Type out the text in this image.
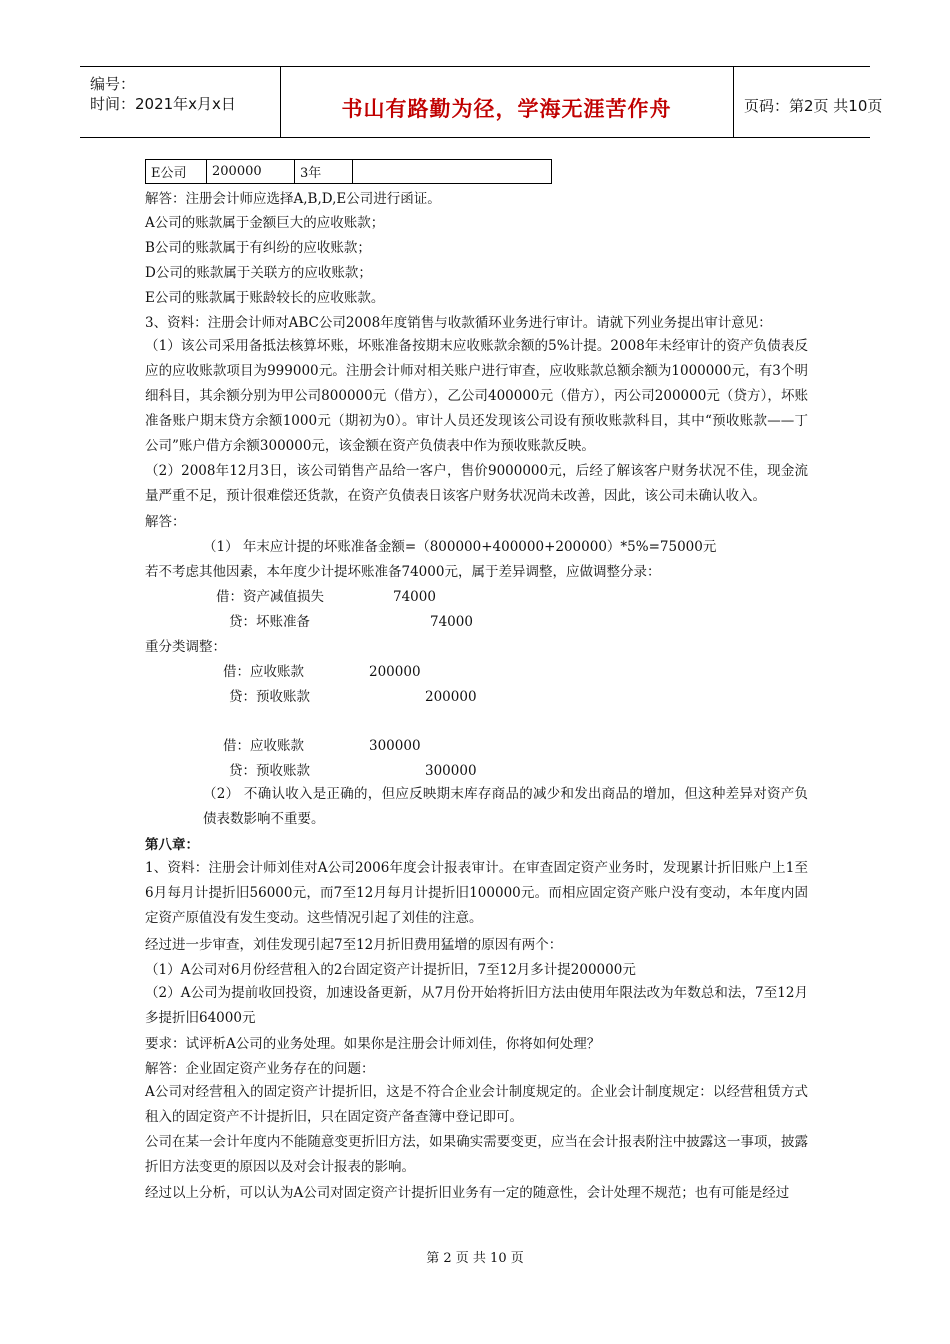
编号：
时间：2021年x月x日	书山有路勤为径，学海无涯苦作舟	页码：第2页 共10页
E公司	200000	3年	
解答：注册会计师应选择A,B,D,E公司进行函证。
A公司的账款属于金额巨大的应收账款；
B公司的账款属于有纠纷的应收账款；
D公司的账款属于关联方的应收账款；
E公司的账款属于账龄较长的应收账款。
3、资料：注册会计师对ABC公司2008年度销售与收款循环业务进行审计。请就下列业务提出审计意见：
（1）该公司采用备抵法核算坏账，坏账准备按期末应收账款余额的5%计提。2008年未经审计的资产负债表反应的应收账款项目为999000元。注册会计师对相关账户进行审查，应收账款总额余额为1000000元，有3个明细科目，其余额分别为甲公司800000元（借方），乙公司400000元（借方），丙公司200000元（贷方），坏账准备账户期末贷方余额1000元（期初为0）。审计人员还发现该公司设有预收账款科目，其中“预收账款——丁公司”账户借方余额300000元，该金额在资产负债表中作为预收账款反映。
（2）2008年12月3日，该公司销售产品给一客户，售价9000000元，后经了解该客户财务状况不佳，现金流量严重不足，预计很难偿还货款，在资产负债表日该客户财务状况尚未改善，因此，该公司未确认收入。
解答：
（1） 年末应计提的坏账准备金额=（800000+400000+200000）*5%=75000元
若不考虑其他因素，本年度少计提坏账准备74000元，属于差异调整，应做调整分录：
借：资产减值损失	74000
贷：坏账准备	74000
重分类调整：
借：应收账款	200000
贷：预收账款	200000
借：应收账款	300000
贷：预收账款	300000
（2） 不确认收入是正确的，但应反映期末库存商品的减少和发出商品的增加，但这种差异对资产负债表数影响不重要。
第八章：
1、资料：注册会计师刘佳对A公司2006年度会计报表审计。在审查固定资产业务时，发现累计折旧账户上1至6月每月计提折旧56000元，而7至12月每月计提折旧100000元。而相应固定资产账户没有变动，本年度内固定资产原值没有发生变动。这些情况引起了刘佳的注意。
经过进一步审查，刘佳发现引起7至12月折旧费用猛增的原因有两个：
（1）A公司对6月份经营租入的2台固定资产计提折旧，7至12月多计提200000元
（2）A公司为提前收回投资，加速设备更新，从7月份开始将折旧方法由使用年限法改为年数总和法，7至12月多提折旧64000元
要求：试评析A公司的业务处理。如果你是注册会计师刘佳，你将如何处理？
解答：企业固定资产业务存在的问题：
A公司对经营租入的固定资产计提折旧，这是不符合企业会计制度规定的。企业会计制度规定：以经营租赁方式租入的固定资产不计提折旧，只在固定资产备查簿中登记即可。
公司在某一会计年度内不能随意变更折旧方法，如果确实需要变更，应当在会计报表附注中披露这一事项，披露折旧方法变更的原因以及对会计报表的影响。
经过以上分析，可以认为A公司对固定资产计提折旧业务有一定的随意性，会计处理不规范；也有可能是经过
第 2 页 共 10 页
